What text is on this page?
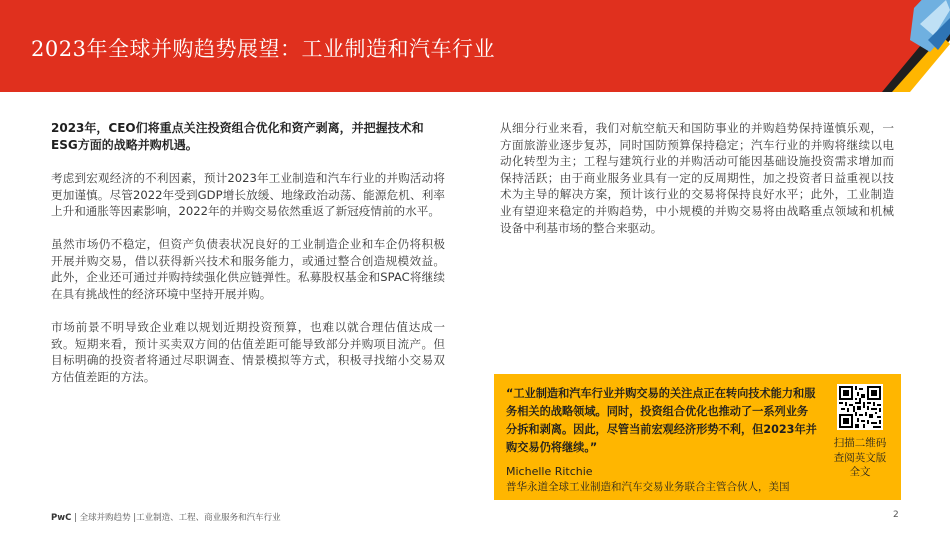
2023年全球并购趋势展望：工业制造和汽车行业
2023年，CEO们将重点关注投资组合优化和资产剥离，并把握技术和ESG方面的战略并购机遇。
考虑到宏观经济的不利因素，预计2023年工业制造和汽车行业的并购活动将更加谨慎。尽管2022年受到GDP增长放缓、地缘政治动荡、能源危机、利率上升和通胀等因素影响，2022年的并购交易依然重返了新冠疫情前的水平。
虽然市场仍不稳定，但资产负债表状况良好的工业制造企业和车企仍将积极开展并购交易，借以获得新兴技术和服务能力，或通过整合创造规模效益。此外，企业还可通过并购持续强化供应链弹性。私募股权基金和SPAC将继续在具有挑战性的经济环境中坚持开展并购。
市场前景不明导致企业难以规划近期投资预算，也难以就合理估值达成一致。短期来看，预计买卖双方间的估值差距可能导致部分并购项目流产。但目标明确的投资者将通过尽职调查、情景模拟等方式，积极寻找缩小交易双方估值差距的方法。
从细分行业来看，我们对航空航天和国防事业的并购趋势保持谨慎乐观，一方面旅游业逐步复苏，同时国防预算保持稳定；汽车行业的并购将继续以电动化转型为主；工程与建筑行业的并购活动可能因基础设施投资需求增加而保持活跃；由于商业服务业具有一定的反周期性，加之投资者日益重视以技术为主导的解决方案，预计该行业的交易将保持良好水平；此外，工业制造业有望迎来稳定的并购趋势，中小规模的并购交易将由战略重点领域和机械设备中利基市场的整合来驱动。
“工业制造和汽车行业并购交易的关注点正在转向技术能力和服务相关的战略领域。同时，投资组合优化也推动了一系列业务分拆和剥离。因此，尽管当前宏观经济形势不利，但2023年并购交易仍将继续。”
Michelle Ritchie
普华永道全球工业制造和汽车交易业务联合主管合伙人，美国
扫描二维码查阅英文版全文
PwC | 全球并购趋势 |工业制造、工程、商业服务和汽车行业	2
